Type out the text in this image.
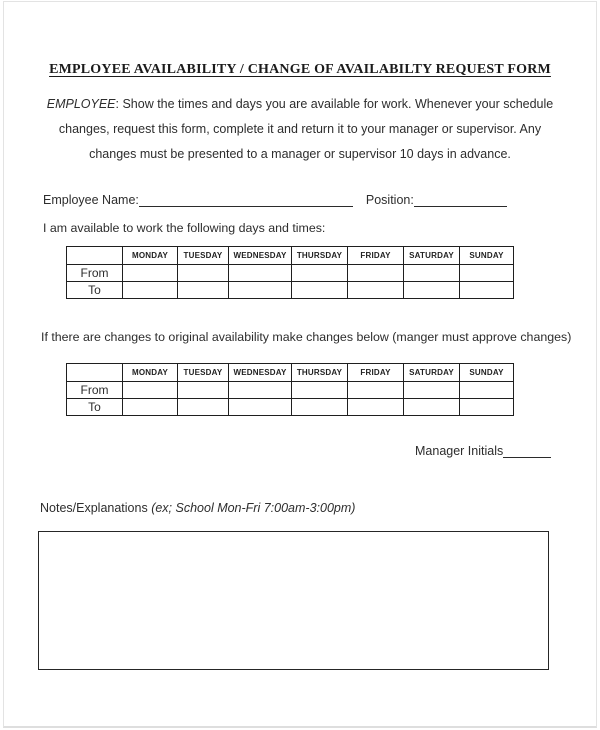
EMPLOYEE AVAILABILITY / CHANGE OF AVAILABILTY REQUEST FORM
EMPLOYEE: Show the times and days you are available for work. Whenever your schedule changes, request this form, complete it and return it to your manager or supervisor. Any changes must be presented to a manager or supervisor 10 days in advance.
Employee Name:	Position:
I am available to work the following days and times:
	MONDAY	TUESDAY	WEDNESDAY	THURSDAY	FRIDAY	SATURDAY	SUNDAY
From							
To							
If there are changes to original availability make changes below (manger must approve changes)
	MONDAY	TUESDAY	WEDNESDAY	THURSDAY	FRIDAY	SATURDAY	SUNDAY
From							
To							
Manager Initials
Notes/Explanations (ex; School Mon-Fri 7:00am-3:00pm)
